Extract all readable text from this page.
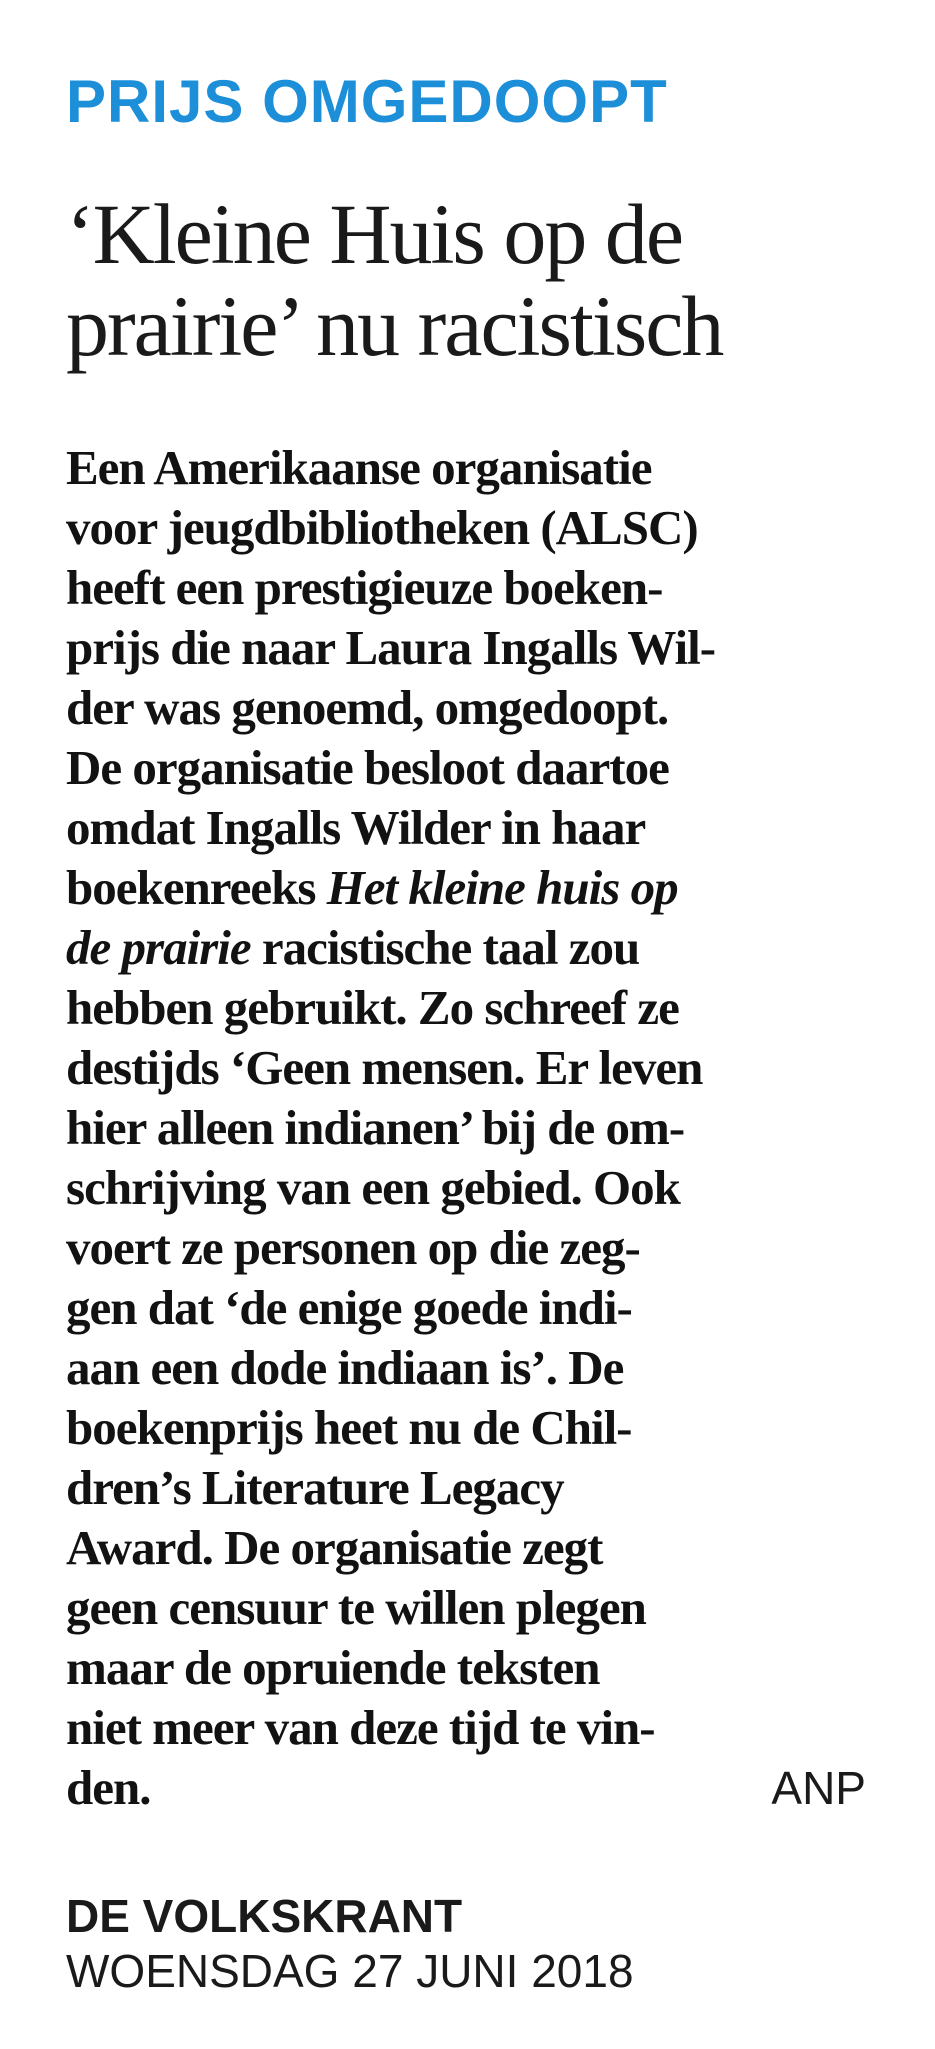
PRIJS OMGEDOOPT
‘Kleine Huis op de
prairie’ nu racistisch
Een Amerikaanse organisatie
voor jeugdbibliotheken (ALSC)
heeft een prestigieuze boeken-
prijs die naar Laura Ingalls Wil-
der was genoemd, omgedoopt.
De organisatie besloot daartoe
omdat Ingalls Wilder in haar
boekenreeks Het kleine huis op
de prairie racistische taal zou
hebben gebruikt. Zo schreef ze
destijds ‘Geen mensen. Er leven
hier alleen indianen’ bij de om-
schrijving van een gebied. Ook
voert ze personen op die zeg-
gen dat ‘de enige goede indi-
aan een dode indiaan is’. De
boekenprijs heet nu de Chil-
dren’s Literature Legacy
Award. De organisatie zegt
geen censuur te willen plegen
maar de opruiende teksten
niet meer van deze tijd te vin-
den.	ANP
DE VOLKSKRANT
WOENSDAG 27 JUNI 2018
